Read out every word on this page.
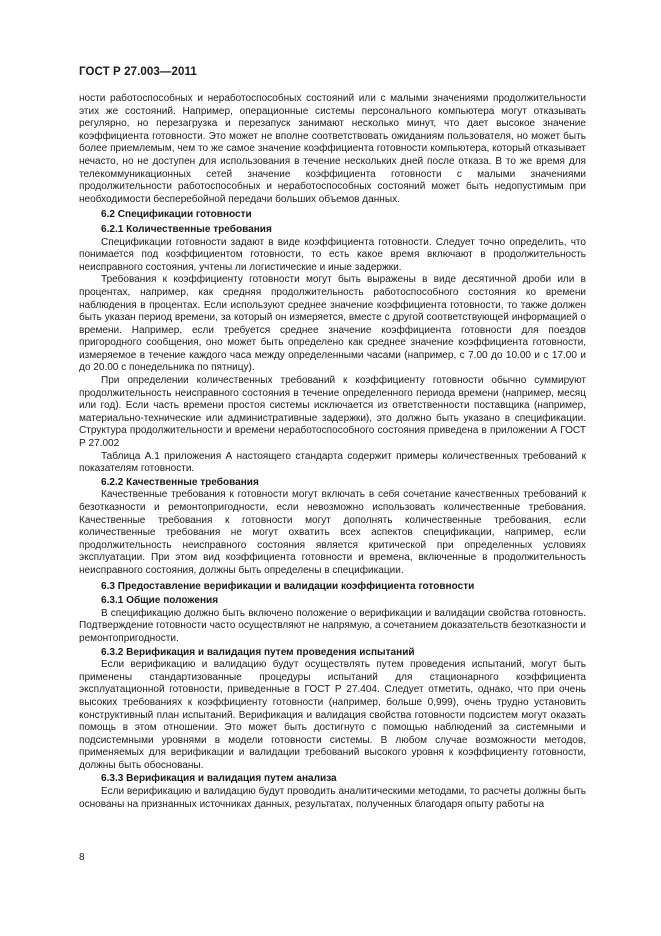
ГОСТ Р 27.003—2011

ности работоспособных и неработоспособных состояний или с малыми значениями продолжительности этих же состояний. Например, операционные системы персонального компьютера могут отказывать регулярно, но перезагрузка и перезапуск занимают несколько минут, что дает высокое значение коэффициента готовности. Это может не вполне соответствовать ожиданиям пользователя, но может быть более приемлемым, чем то же самое значение коэффициента готовности компьютера, который отказывает нечасто, но не доступен для использования в течение нескольких дней после отказа. В то же время для телекоммуникационных сетей значение коэффициента готовности с малыми значениями продолжительности работоспособных и неработоспособных состояний может быть недопустимым при необходимости бесперебойной передачи больших объемов данных.

6.2 Спецификации готовности
6.2.1 Количественные требования

Спецификации готовности задают в виде коэффициента готовности. Следует точно определить, что понимается под коэффициентом готовности, то есть какое время включают в продолжительность неисправного состояния, учтены ли логистические и иные задержки.

Требования к коэффициенту готовности могут быть выражены в виде десятичной дроби или в процентах, например, как средняя продолжительность работоспособного состояния ко времени наблюдения в процентах. Если используют среднее значение коэффициента готовности, то также должен быть указан период времени, за который он измеряется, вместе с другой соответствующей информацией о времени. Например, если требуется среднее значение коэффициента готовности для поездов пригородного сообщения, оно может быть определено как среднее значение коэффициента готовности, измеряемое в течение каждого часа между определенными часами (например, с 7.00 до 10.00 и с 17.00 и до 20.00 с понедельника по пятницу).

При определении количественных требований к коэффициенту готовности обычно суммируют продолжительность неисправного состояния в течение определенного периода времени (например, месяц или год). Если часть времени простоя системы исключается из ответственности поставщика (например, материально-технические или административные задержки), это должно быть указано в спецификации. Структура продолжительности и времени неработоспособного состояния приведена в приложении А ГОСТ Р 27.002

Таблица А.1 приложения А настоящего стандарта содержит примеры количественных требований к показателям готовности.

6.2.2 Качественные требования

Качественные требования к готовности могут включать в себя сочетание качественных требований к безотказности и ремонтопригодности, если невозможно использовать количественные требования. Качественные требования к готовности могут дополнять количественные требования, если количественные требования не могут охватить всех аспектов спецификации, например, если продолжительность неисправного состояния является критической при определенных условиях эксплуатации. При этом вид коэффициента готовности и времена, включенные в продолжительность неисправного состояния, должны быть определены в спецификации.

6.3 Предоставление верификации и валидации коэффициента готовности
6.3.1 Общие положения

В спецификацию должно быть включено положение о верификации и валидации свойства готовность. Подтверждение готовности часто осуществляют не напрямую, а сочетанием доказательств безотказности и ремонтопригодности.

6.3.2 Верификация и валидация путем проведения испытаний

Если верификацию и валидацию будут осуществлять путем проведения испытаний, могут быть применены стандартизованные процедуры испытаний для стационарного коэффициента эксплуатационной готовности, приведенные в ГОСТ Р 27.404. Следует отметить, однако, что при очень высоких требованиях к коэффициенту готовности (например, больше 0,999), очень трудно установить конструктивный план испытаний. Верификация и валидация свойства готовности подсистем могут оказать помощь в этом отношении. Это может быть достигнуто с помощью наблюдений за системными и подсистемными уровнями в модели готовности системы. В любом случае возможности методов, применяемых для верификации и валидации требований высокого уровня к коэффициенту готовности, должны быть обоснованы.

6.3.3 Верификация и валидация путем анализа

Если верификацию и валидацию будут проводить аналитическими методами, то расчеты должны быть основаны на признанных источниках данных, результатах, полученных благодаря опыту работы на

8
